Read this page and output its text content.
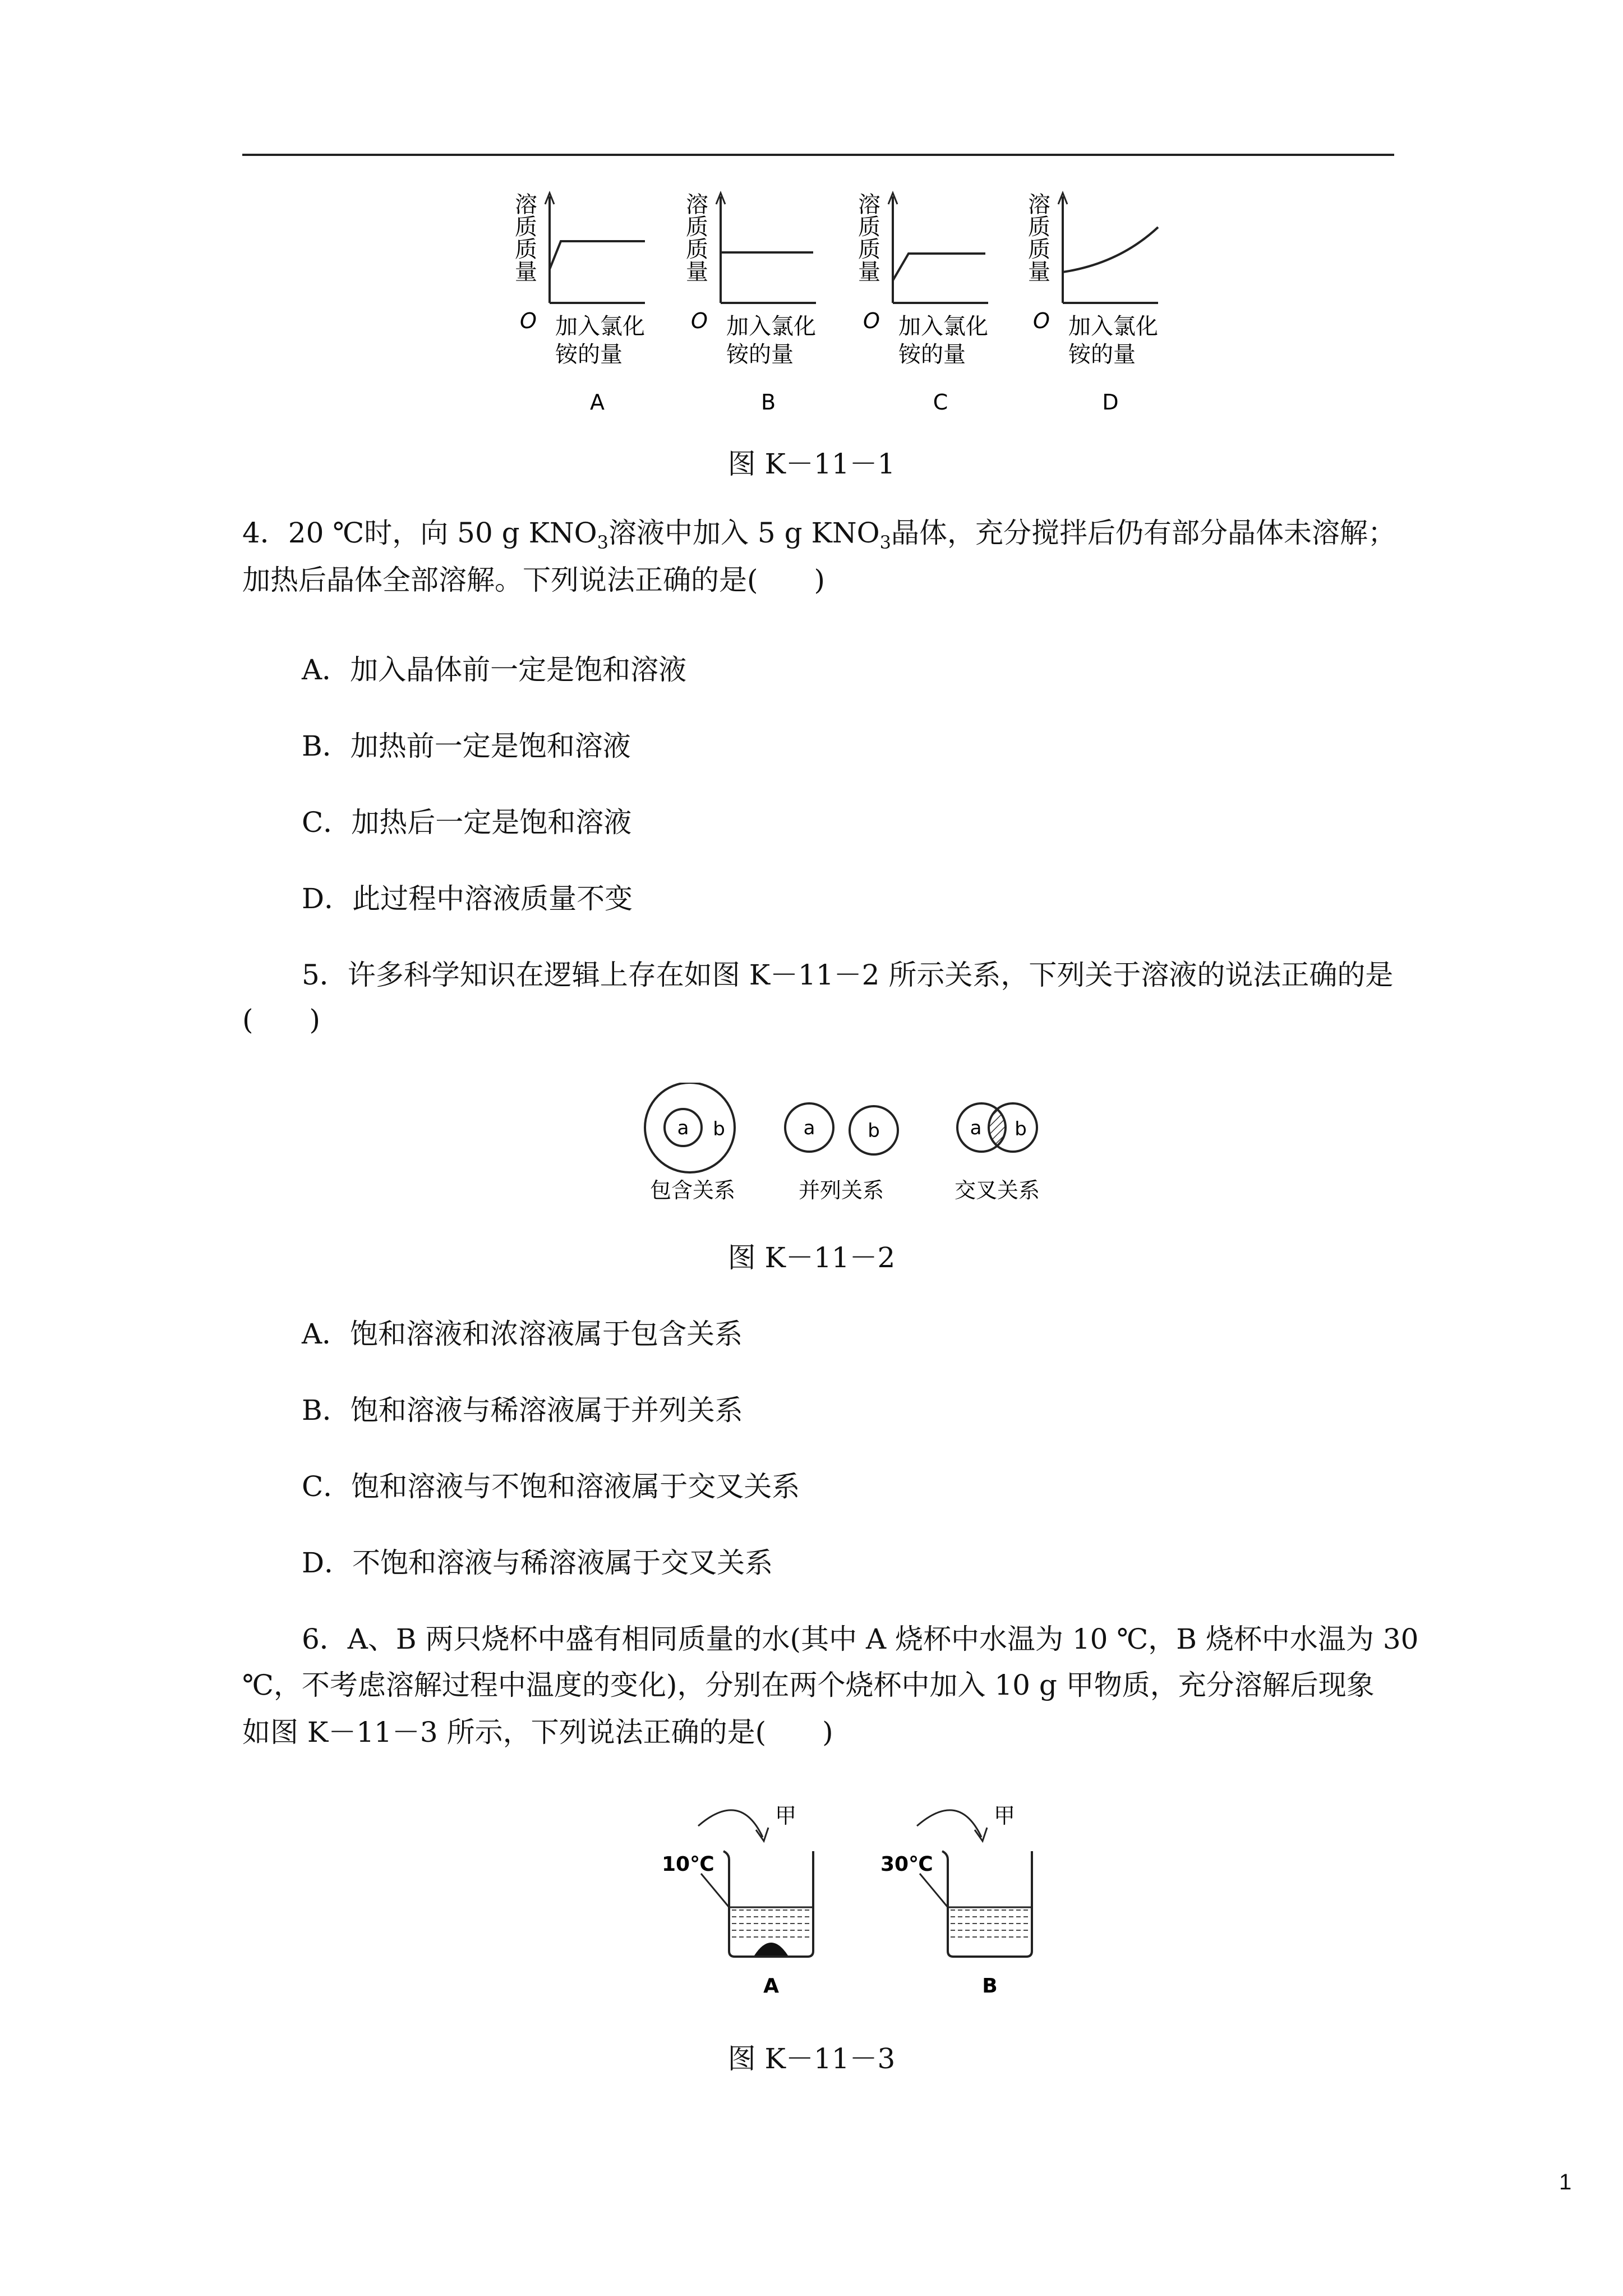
溶
质
质
量
O 加入氯化
铵的量
A
溶
质
质
量
O 加入氯化
铵的量
B
溶
质
质
量
O 加入氯化
铵的量
C
溶
质
质
量
O 加入氯化
铵的量
D
图 K－11－1
4．20 ℃时，向 50 g $KNO_3$溶液中加入 5 g $KNO_3$晶体，充分搅拌后仍有部分晶体未溶解；
加热后晶体全部溶解。下列说法正确的是(　　)
A．加入晶体前一定是饱和溶液
B．加热前一定是饱和溶液
C．加热后一定是饱和溶液
D．此过程中溶液质量不变
5．许多科学知识在逻辑上存在如图 K－11－2 所示关系，下列关于溶液的说法正确的是
(　　)
a b
包含关系
a	b
并列关系
a b
交叉关系
图 K－11－2
A．饱和溶液和浓溶液属于包含关系
B．饱和溶液与稀溶液属于并列关系
C．饱和溶液与不饱和溶液属于交叉关系
D．不饱和溶液与稀溶液属于交叉关系
6．A、B 两只烧杯中盛有相同质量的水(其中 A 烧杯中水温为 10 ℃，B 烧杯中水温为 30
℃，不考虑溶解过程中温度的变化)，分别在两个烧杯中加入 10 g 甲物质，充分溶解后现象
如图 K－11－3 所示，下列说法正确的是(　　)
甲
10℃
A
甲
30℃
B
图 K－11－3
1
